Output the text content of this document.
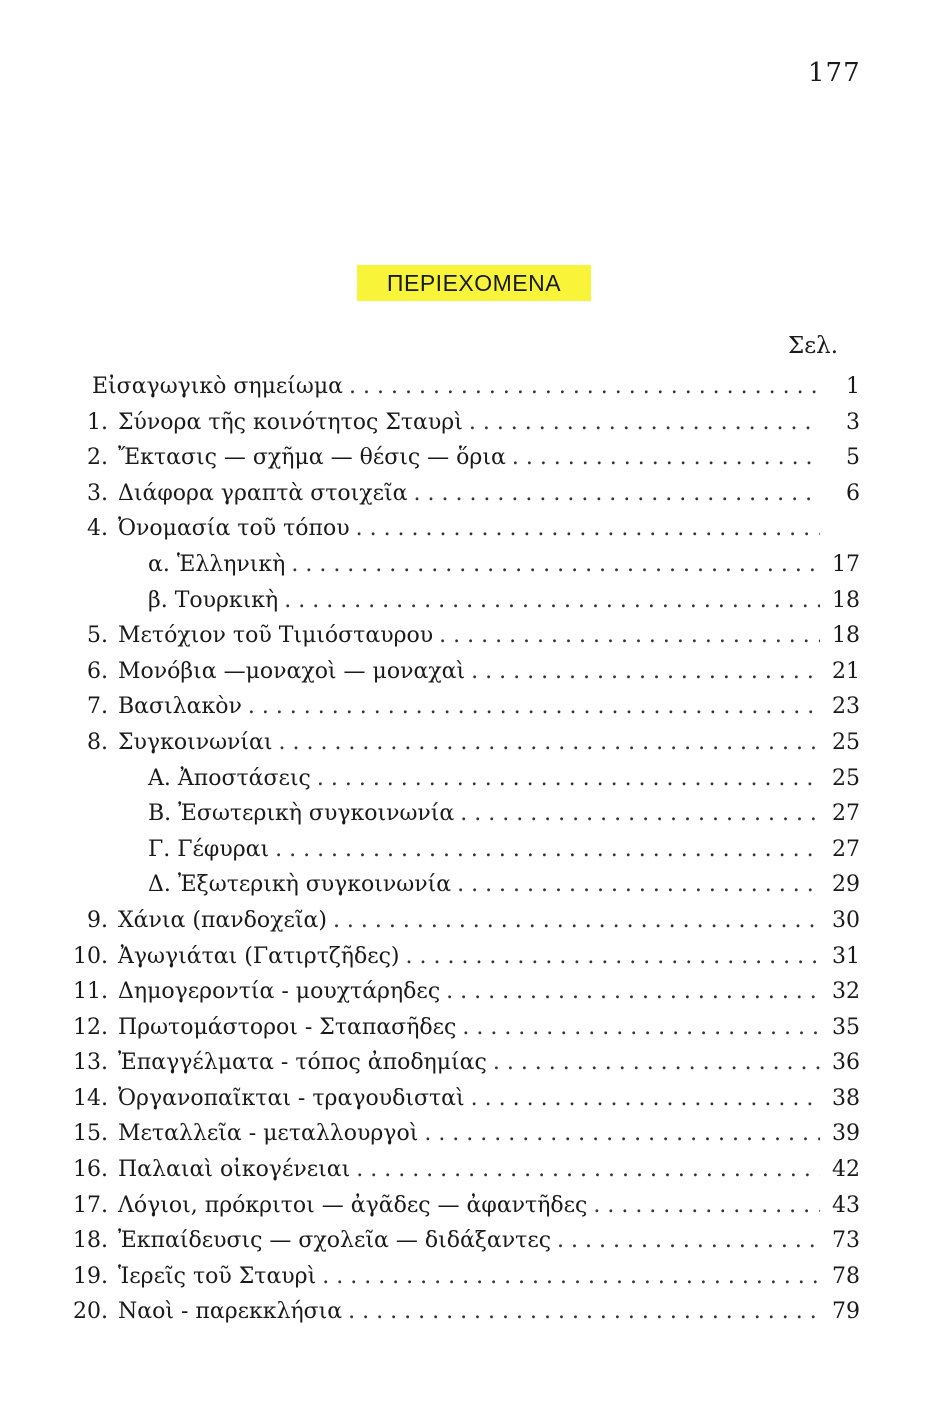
177
ΠΕΡΙΕΧΟΜΕΝΑ
Σελ.
Εἰσαγωγικὸ σημείωμα . . .	1
1. Σύνορα τῆς κοινότητος Σταυρὶ . . .	3
2. Ἔκτασις — σχῆμα — θέσις — ὅρια . . .	5
3. Διάφορα γραπτὰ στοιχεῖα . . .	6
4. Ὀνομασία τοῦ τόπου
. . .
α. Ἑλληνικὴ . . .	17
β. Τουρκικὴ . . .	18
5. Μετόχιον τοῦ Τιμιόσταυρου . . .	18
6. Μονόβια —μοναχοὶ — μοναχαὶ . . .	21
7. Βασιλακὸν . . .	23
8. Συγκοινωνίαι . . .	25
Α. Ἀποστάσεις . . .	25
Β. Ἐσωτερικὴ συγκοινωνία . . .	27
Γ. Γέφυραι . . .	27
Δ. Ἐξωτερικὴ συγκοινωνία . . .	29
9. Χάνια (πανδοχεῖα) . . .	30
10. Ἀγωγιάται (Γατιρτζῆδες) . . .	31
11. Δημογεροντία - μουχτάρηδες . . .	32
12. Πρωτομάστοροι - Σταπασῆδες . . .	35
13. Ἐπαγγέλματα - τόπος ἀποδημίας . . .	36
14. Ὀργανοπαῖκται - τραγουδισταὶ . . .	38
15. Μεταλλεῖα - μεταλλουργοὶ . . .	39
16. Παλαιαὶ οἰκογένειαι . . .	42
17. Λόγιοι, πρόκριτοι — ἀγᾶδες — ἀφαντῆδες . . .	43
18. Ἐκπαίδευσις — σχολεῖα — διδάξαντες . . .	73
19. Ἱερεῖς τοῦ Σταυρὶ . . .	78
20. Ναοὶ - παρεκκλήσια . . .	79
